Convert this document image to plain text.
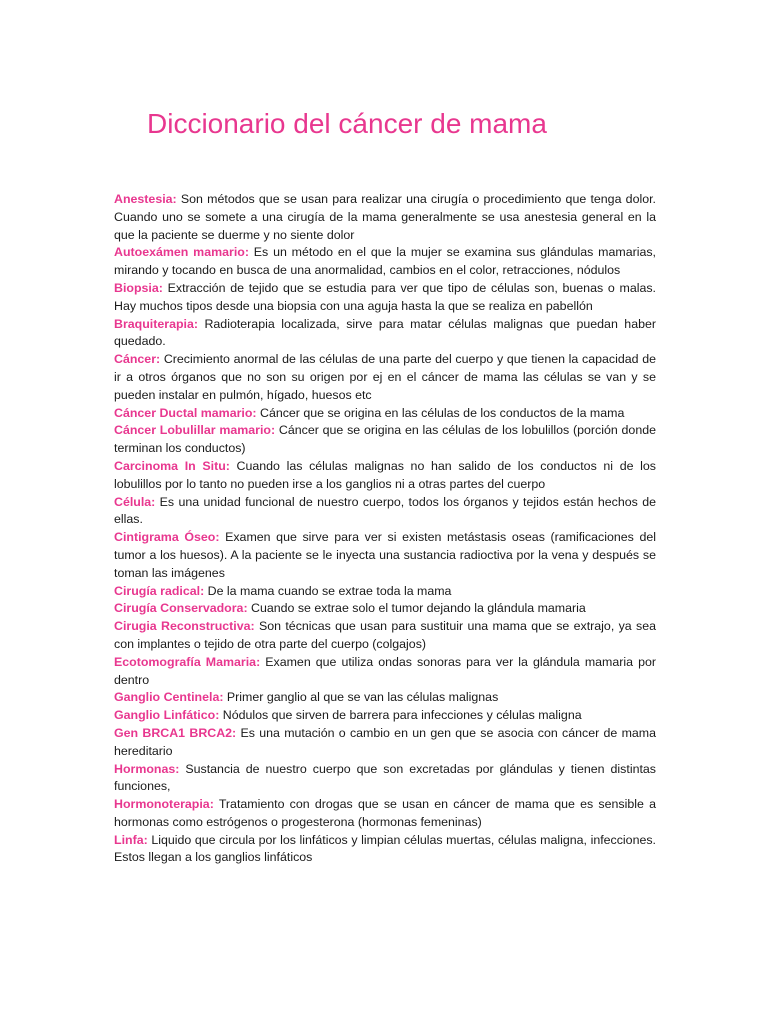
Diccionario del cáncer de mama

Anestesia: Son métodos que se usan para realizar una cirugía o procedimiento que tenga dolor. Cuando uno se somete a una cirugía de la mama generalmente se usa anestesia general en la que la paciente se duerme y no siente dolor

Autoexámen mamario: Es un método en el que la mujer se examina sus glándulas mamarias, mirando y tocando en busca de una anormalidad, cambios en el color, retracciones, nódulos

Biopsia: Extracción de tejido que se estudia para ver que tipo de células son, buenas o malas. Hay muchos tipos desde una biopsia con una aguja hasta la que se realiza en pabellón

Braquiterapia: Radioterapia localizada, sirve para matar células malignas que puedan haber quedado.

Cáncer: Crecimiento anormal de las células de una parte del cuerpo y que tienen la capacidad de ir a otros órganos que no son su origen por ej en el cáncer de mama las células se van y se pueden instalar en pulmón, hígado, huesos etc

Cáncer Ductal mamario: Cáncer que se origina en las células de los conductos de la mama

Cáncer Lobulillar mamario: Cáncer que se origina en las células de los lobulillos (porción donde terminan los conductos)

Carcinoma In Situ: Cuando las células malignas no han salido de los conductos ni de los lobulillos por lo tanto no pueden irse a los ganglios ni a otras partes del cuerpo

Célula: Es una unidad funcional de nuestro cuerpo, todos los órganos y tejidos están hechos de ellas.

Cintigrama Óseo: Examen que sirve para ver si existen metástasis oseas (ramificaciones del tumor a los huesos). A la paciente se le inyecta una sustancia radioctiva por la vena y después se toman las imágenes

Cirugía radical: De la mama cuando se extrae toda la mama

Cirugía Conservadora: Cuando se extrae solo el tumor dejando la glándula mamaria

Cirugia Reconstructiva: Son técnicas que usan para sustituir una mama que se extrajo, ya sea con implantes o tejido de otra parte del cuerpo (colgajos)

Ecotomografía Mamaria: Examen que utiliza ondas sonoras para ver la glándula mamaria por dentro

Ganglio Centinela: Primer ganglio al que se van las células malignas

Ganglio Linfático: Nódulos que sirven de barrera para infecciones y células maligna

Gen BRCA1 BRCA2: Es una mutación o cambio en un gen que se asocia con cáncer de mama hereditario

Hormonas: Sustancia de nuestro cuerpo que son excretadas por glándulas y tienen distintas funciones,

Hormonoterapia: Tratamiento con drogas que se usan en cáncer de mama que es sensible a hormonas como estrógenos o progesterona (hormonas femeninas)

Linfa: Liquido que circula por los linfáticos y limpian células muertas, células maligna, infecciones. Estos llegan a los ganglios linfáticos
